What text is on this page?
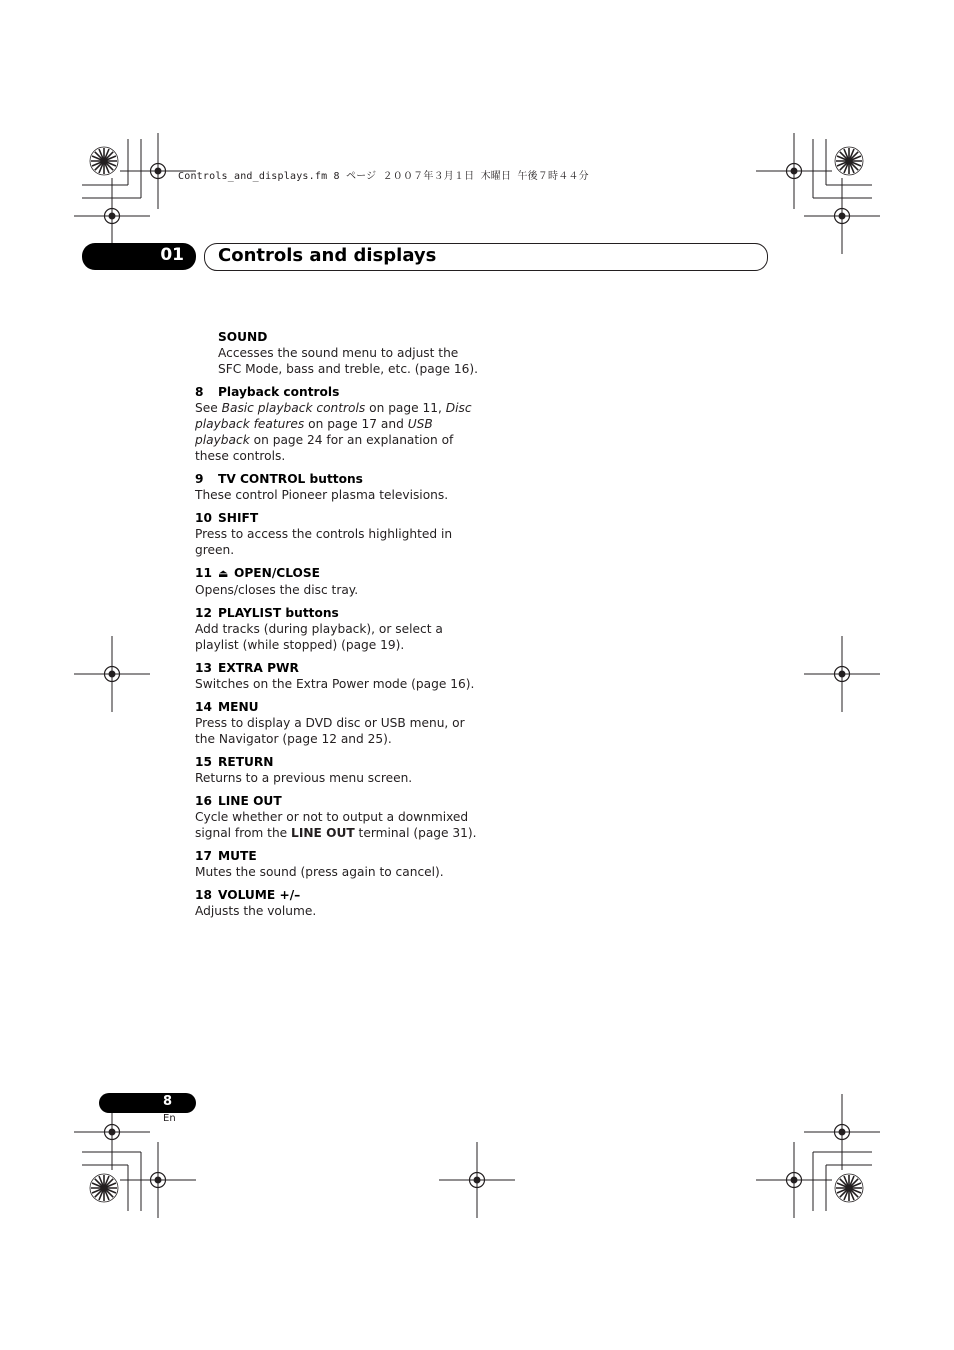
Controls_and_displays.fm 8 ページ ２００７年３月１日 木曜日 午後７時４４分
01 Controls and displays
SOUND
Accesses the sound menu to adjust the SFC Mode, bass and treble, etc. (page 16).
8 Playback controls
See Basic playback controls on page 11, Disc playback features on page 17 and USB playback on page 24 for an explanation of these controls.
9 TV CONTROL buttons
These control Pioneer plasma televisions.
10 SHIFT
Press to access the controls highlighted in green.
11 ⏏ OPEN/CLOSE
Opens/closes the disc tray.
12 PLAYLIST buttons
Add tracks (during playback), or select a playlist (while stopped) (page 19).
13 EXTRA PWR
Switches on the Extra Power mode (page 16).
14 MENU
Press to display a DVD disc or USB menu, or the Navigator (page 12 and 25).
15 RETURN
Returns to a previous menu screen.
16 LINE OUT
Cycle whether or not to output a downmixed signal from the LINE OUT terminal (page 31).
17 MUTE
Mutes the sound (press again to cancel).
18 VOLUME +/–
Adjusts the volume.
8
En
